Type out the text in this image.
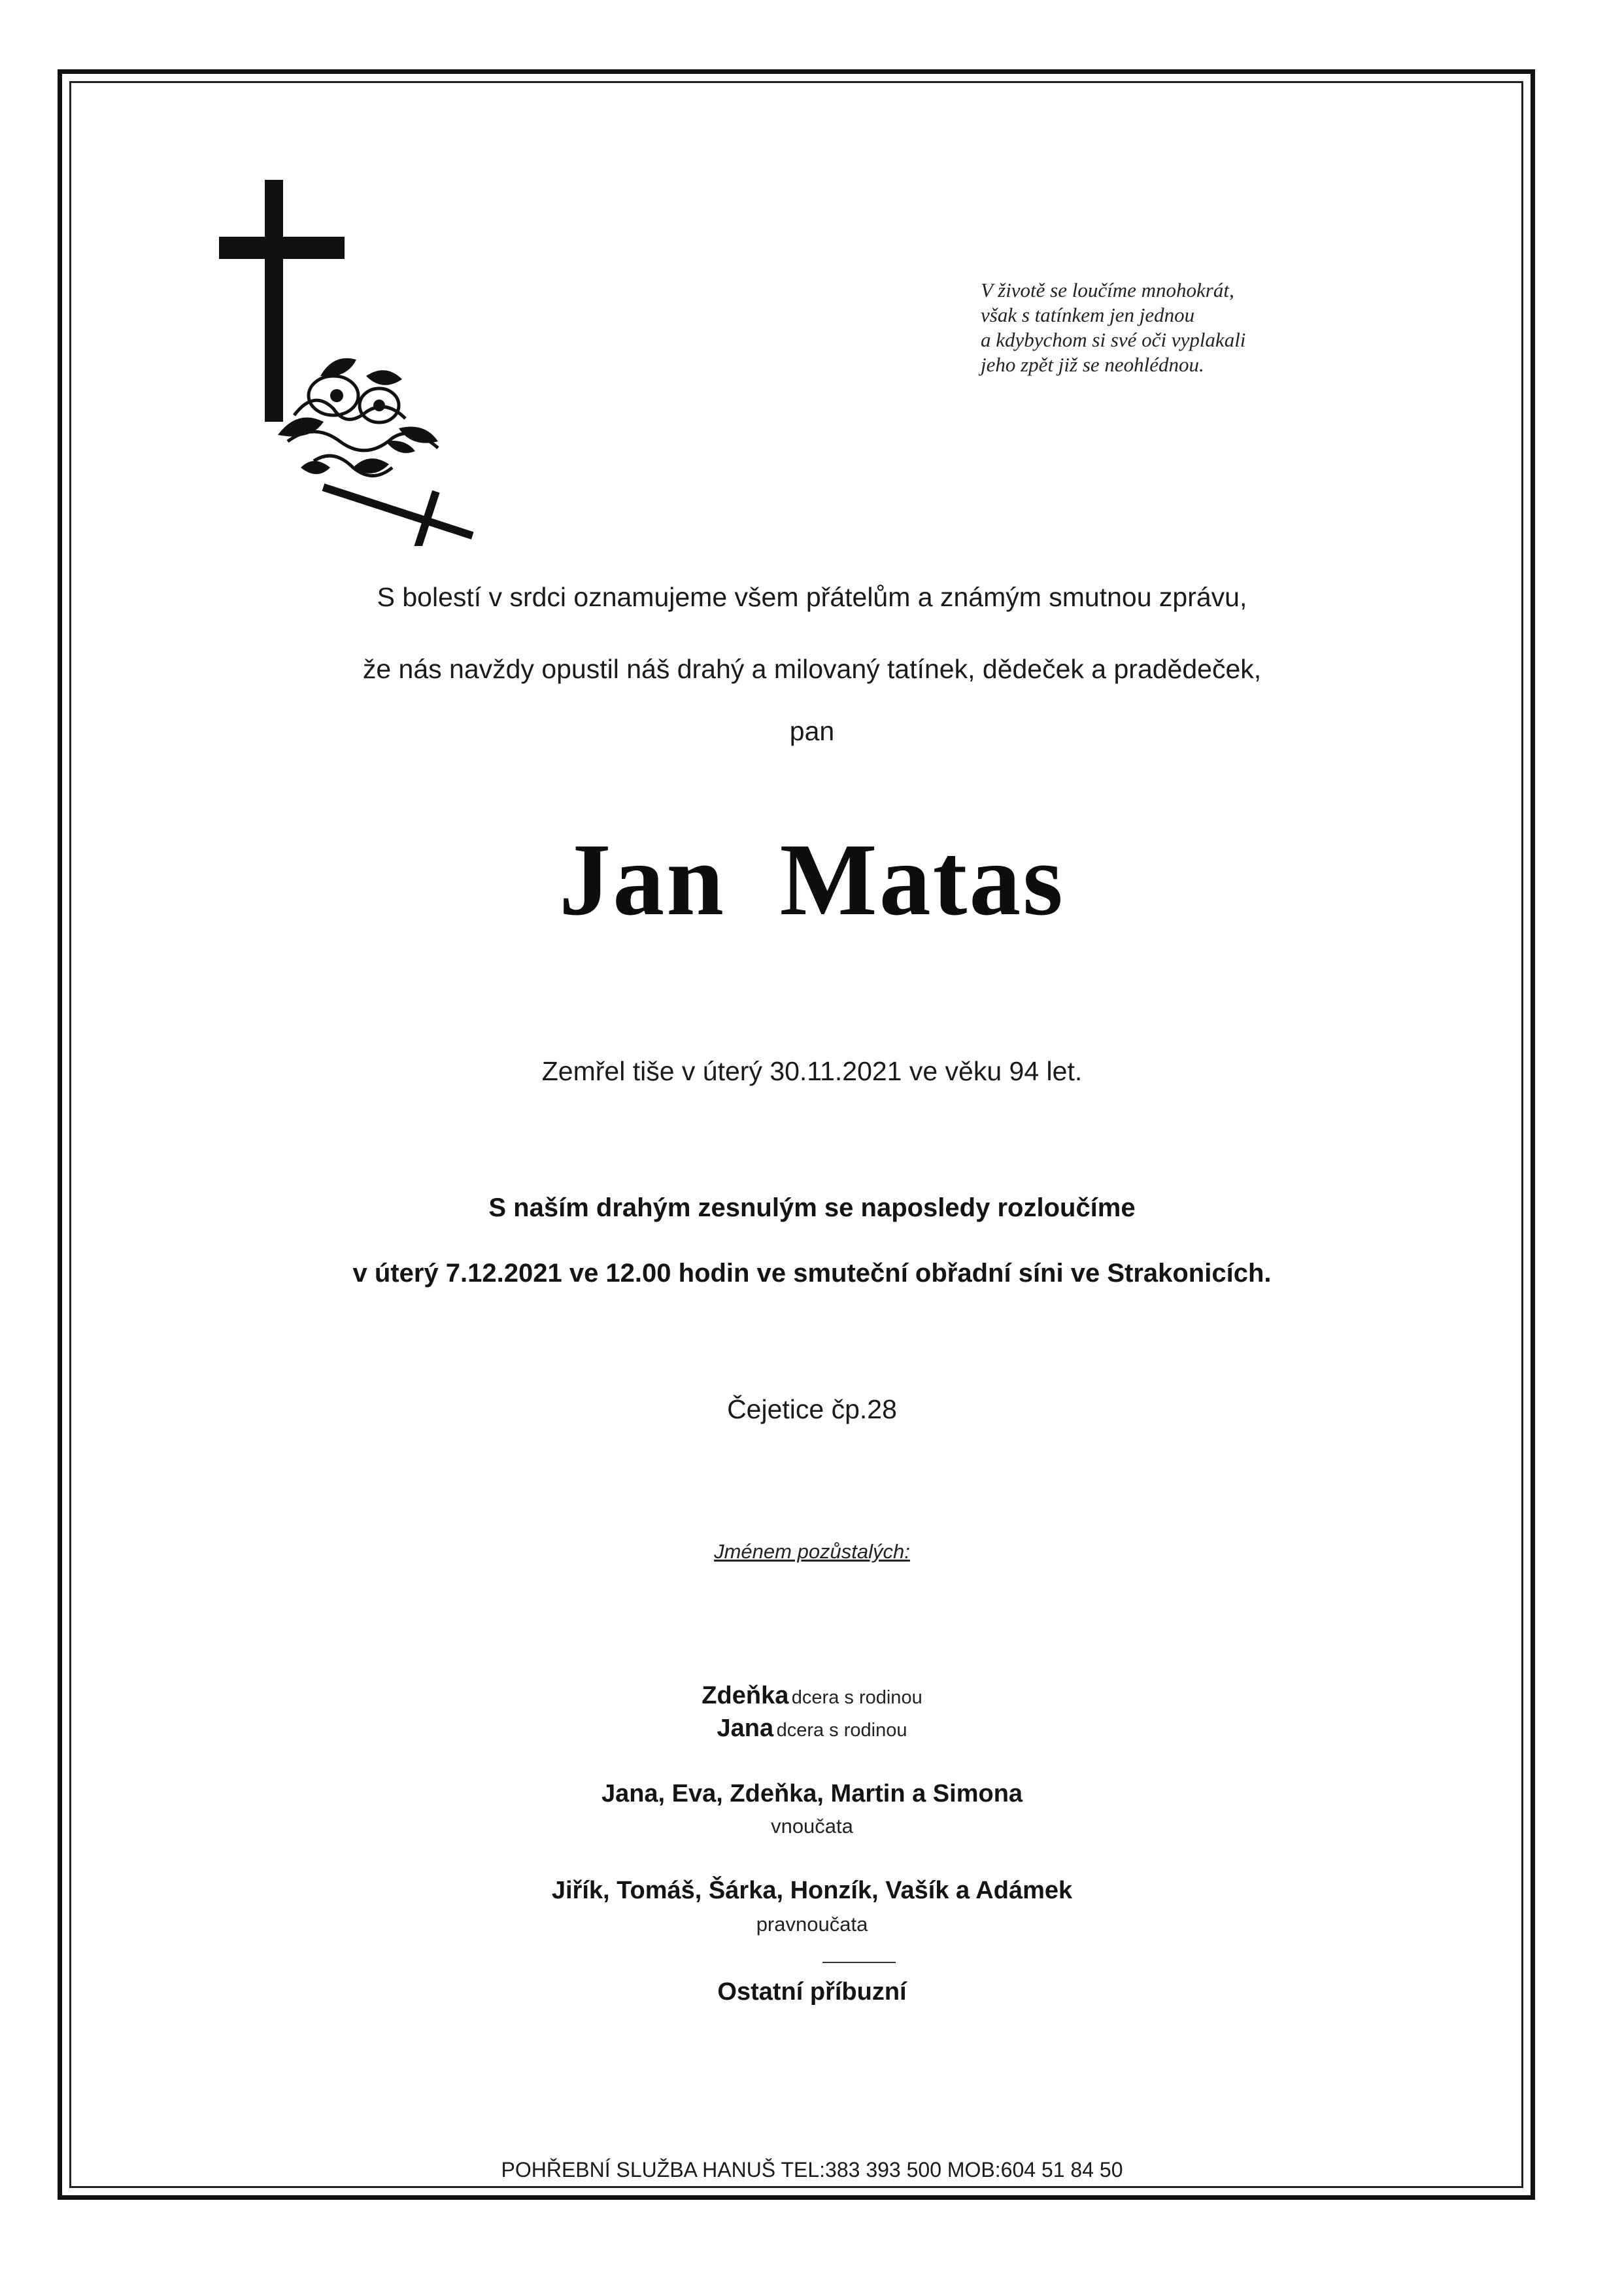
V životě se loučíme mnohokrát,
však s tatínkem jen jednou
a kdybychom si své oči vyplakali
jeho zpět již se neohlédnou.
S bolestí v srdci oznamujeme všem přátelům a známým smutnou zprávu,
že nás navždy opustil náš drahý a milovaný tatínek, dědeček a pradědeček,
pan
Jan Matas
Zemřel tiše v úterý 30.11.2021 ve věku 94 let.
S naším drahým zesnulým se naposledy rozloučíme
v úterý 7.12.2021 ve 12.00 hodin ve smuteční obřadní síni ve Strakonicích.
Čejetice čp.28
Jménem pozůstalých:
Zdeňka dcera s rodinou
Jana dcera s rodinou
Jana, Eva, Zdeňka, Martin a Simona
vnoučata
Jiřík, Tomáš, Šárka, Honzík, Vašík a Adámek
pravnoučata
Ostatní příbuzní
POHŘEBNÍ SLUŽBA HANUŠ TEL:383 393 500 MOB:604 51 84 50
